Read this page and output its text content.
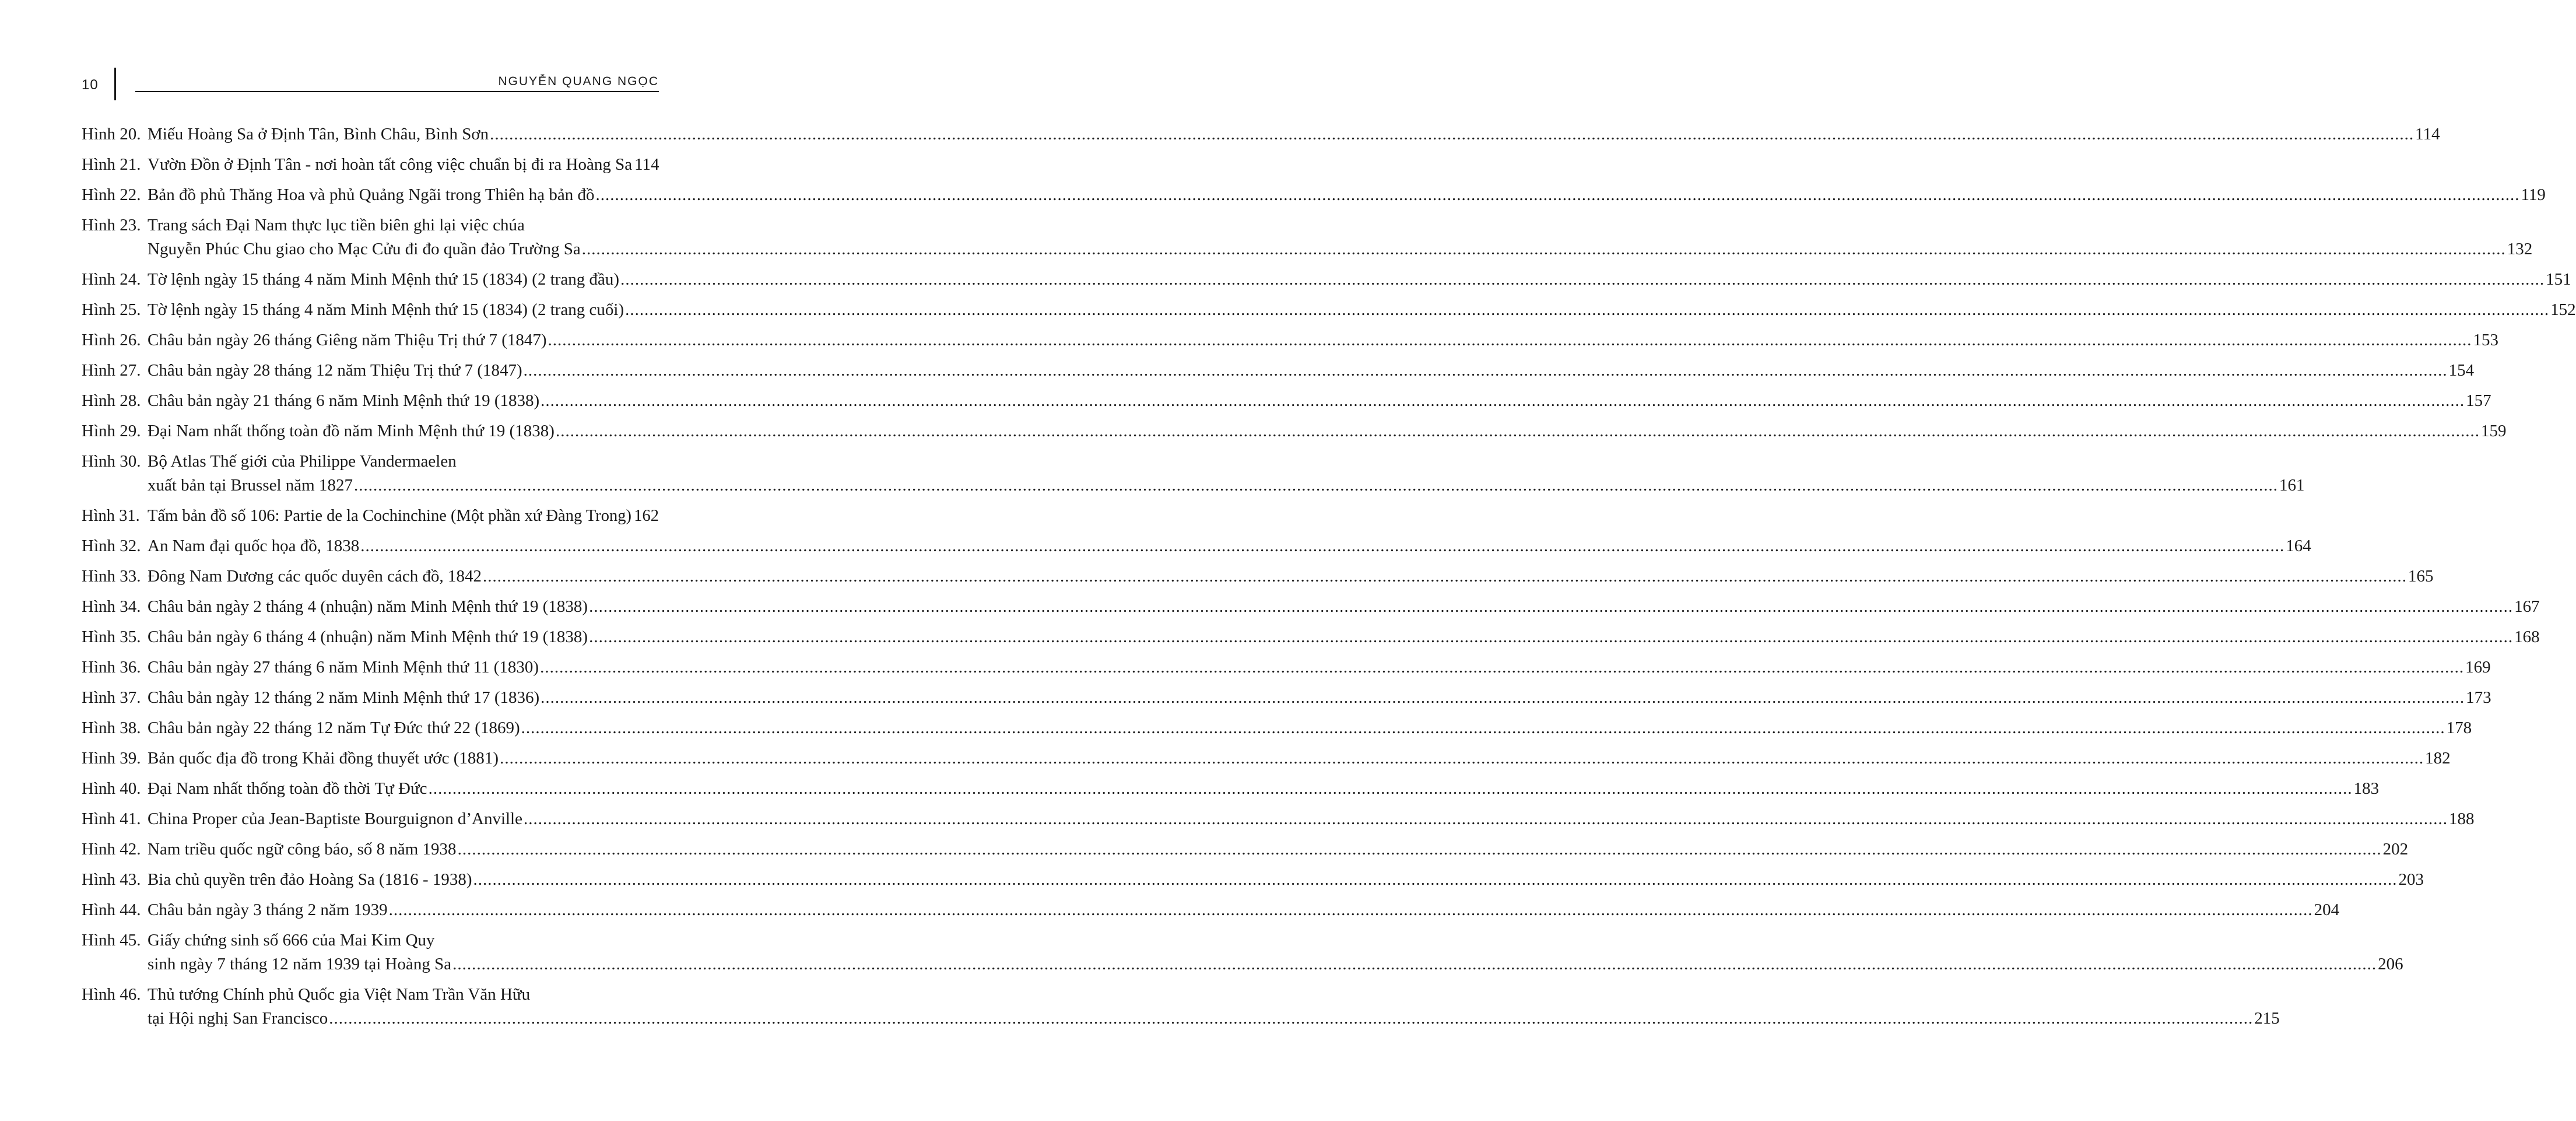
10	NGUYỄN QUANG NGỌC
Hình 20. Miếu Hoàng Sa ở Định Tân, Bình Châu, Bình Sơn ................................................................................................................................................................................................................................................................................................................................................................................................................ 114
Hình 21. Vườn Đồn ở Định Tân - nơi hoàn tất công việc chuẩn bị đi ra Hoàng Sa 114
Hình 22. Bản đồ phủ Thăng Hoa và phủ Quảng Ngãi trong Thiên hạ bản đồ ................................................................................................................................................................................................................................................................................................................................................................................................................ 119
Hình 23. Trang sách Đại Nam thực lục tiền biên ghi lại việc chúa
Nguyễn Phúc Chu giao cho Mạc Cửu đi đo quần đảo Trường Sa ................................................................................................................................................................................................................................................................................................................................................................................................................ 132
Hình 24. Tờ lệnh ngày 15 tháng 4 năm Minh Mệnh thứ 15 (1834) (2 trang đầu) ................................................................................................................................................................................................................................................................................................................................................................................................................ 151
Hình 25. Tờ lệnh ngày 15 tháng 4 năm Minh Mệnh thứ 15 (1834) (2 trang cuối) ................................................................................................................................................................................................................................................................................................................................................................................................................ 152
Hình 26. Châu bản ngày 26 tháng Giêng năm Thiệu Trị thứ 7 (1847) ................................................................................................................................................................................................................................................................................................................................................................................................................ 153
Hình 27. Châu bản ngày 28 tháng 12 năm Thiệu Trị thứ 7 (1847) ................................................................................................................................................................................................................................................................................................................................................................................................................ 154
Hình 28. Châu bản ngày 21 tháng 6 năm Minh Mệnh thứ 19 (1838) ................................................................................................................................................................................................................................................................................................................................................................................................................ 157
Hình 29. Đại Nam nhất thống toàn đồ năm Minh Mệnh thứ 19 (1838) ................................................................................................................................................................................................................................................................................................................................................................................................................ 159
Hình 30. Bộ Atlas Thế giới của Philippe Vandermaelen
xuất bản tại Brussel năm 1827 ................................................................................................................................................................................................................................................................................................................................................................................................................ 161
Hình 31. Tấm bản đồ số 106: Partie de la Cochinchine (Một phần xứ Đàng Trong) 162
Hình 32. An Nam đại quốc họa đồ, 1838 ................................................................................................................................................................................................................................................................................................................................................................................................................ 164
Hình 33. Đông Nam Dương các quốc duyên cách đồ, 1842 ................................................................................................................................................................................................................................................................................................................................................................................................................ 165
Hình 34. Châu bản ngày 2 tháng 4 (nhuận) năm Minh Mệnh thứ 19 (1838) ................................................................................................................................................................................................................................................................................................................................................................................................................ 167
Hình 35. Châu bản ngày 6 tháng 4 (nhuận) năm Minh Mệnh thứ 19 (1838) ................................................................................................................................................................................................................................................................................................................................................................................................................ 168
Hình 36. Châu bản ngày 27 tháng 6 năm Minh Mệnh thứ 11 (1830) ................................................................................................................................................................................................................................................................................................................................................................................................................ 169
Hình 37. Châu bản ngày 12 tháng 2 năm Minh Mệnh thứ 17 (1836) ................................................................................................................................................................................................................................................................................................................................................................................................................ 173
Hình 38. Châu bản ngày 22 tháng 12 năm Tự Đức thứ 22 (1869) ................................................................................................................................................................................................................................................................................................................................................................................................................ 178
Hình 39. Bản quốc địa đồ trong Khải đồng thuyết ước (1881) ................................................................................................................................................................................................................................................................................................................................................................................................................ 182
Hình 40. Đại Nam nhất thống toàn đồ thời Tự Đức ................................................................................................................................................................................................................................................................................................................................................................................................................ 183
Hình 41. China Proper của Jean-Baptiste Bourguignon d’Anville ................................................................................................................................................................................................................................................................................................................................................................................................................ 188
Hình 42. Nam triều quốc ngữ công báo, số 8 năm 1938 ................................................................................................................................................................................................................................................................................................................................................................................................................ 202
Hình 43. Bia chủ quyền trên đảo Hoàng Sa (1816 - 1938) ................................................................................................................................................................................................................................................................................................................................................................................................................ 203
Hình 44. Châu bản ngày 3 tháng 2 năm 1939 ................................................................................................................................................................................................................................................................................................................................................................................................................ 204
Hình 45. Giấy chứng sinh số 666 của Mai Kim Quy
sinh ngày 7 tháng 12 năm 1939 tại Hoàng Sa ................................................................................................................................................................................................................................................................................................................................................................................................................ 206
Hình 46. Thủ tướng Chính phủ Quốc gia Việt Nam Trần Văn Hữu
tại Hội nghị San Francisco ................................................................................................................................................................................................................................................................................................................................................................................................................ 215
